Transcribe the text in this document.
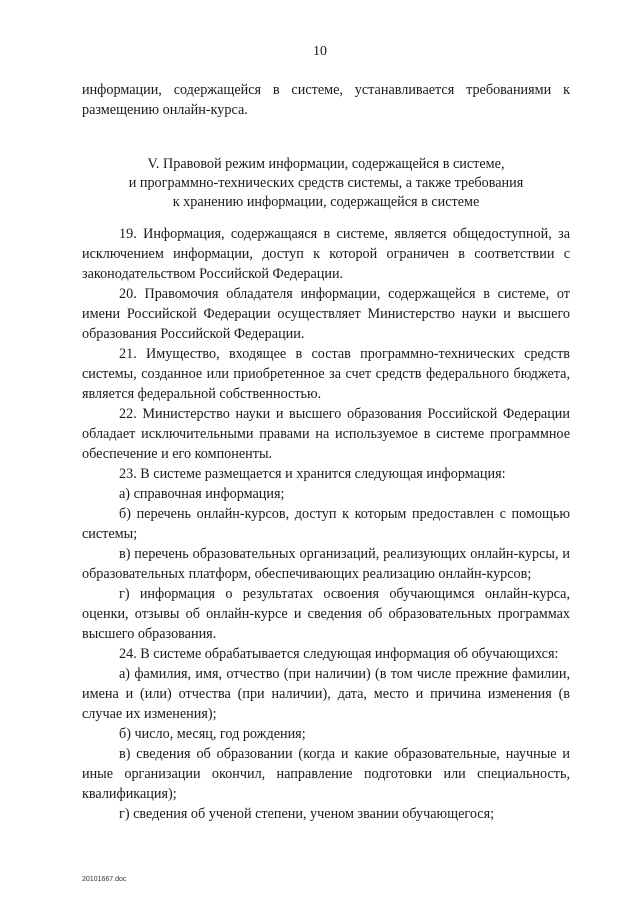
10

информации, содержащейся в системе, устанавливается требованиями к размещению онлайн-курса.

V. Правовой режим информации, содержащейся в системе,
и программно-технических средств системы, а также требования
к хранению информации, содержащейся в системе

19. Информация, содержащаяся в системе, является общедоступной, за исключением информации, доступ к которой ограничен в соответствии с законодательством Российской Федерации.

20. Правомочия обладателя информации, содержащейся в системе, от имени Российской Федерации осуществляет Министерство науки и высшего образования Российской Федерации.

21. Имущество, входящее в состав программно-технических средств системы, созданное или приобретенное за счет средств федерального бюджета, является федеральной собственностью.

22. Министерство науки и высшего образования Российской Федерации обладает исключительными правами на используемое в системе программное обеспечение и его компоненты.

23. В системе размещается и хранится следующая информация:

а) справочная информация;

б) перечень онлайн-курсов, доступ к которым предоставлен с помощью системы;

в) перечень образовательных организаций, реализующих онлайн-курсы, и образовательных платформ, обеспечивающих реализацию онлайн-курсов;

г) информация о результатах освоения обучающимся онлайн-курса, оценки, отзывы об онлайн-курсе и сведения об образовательных программах высшего образования.

24. В системе обрабатывается следующая информация об обучающихся:

а) фамилия, имя, отчество (при наличии) (в том числе прежние фамилии, имена и (или) отчества (при наличии), дата, место и причина изменения (в случае их изменения);

б) число, месяц, год рождения;

в) сведения об образовании (когда и какие образовательные, научные и иные организации окончил, направление подготовки или специальность, квалификация);

г) сведения об ученой степени, ученом звании обучающегося;

20101667.doc
